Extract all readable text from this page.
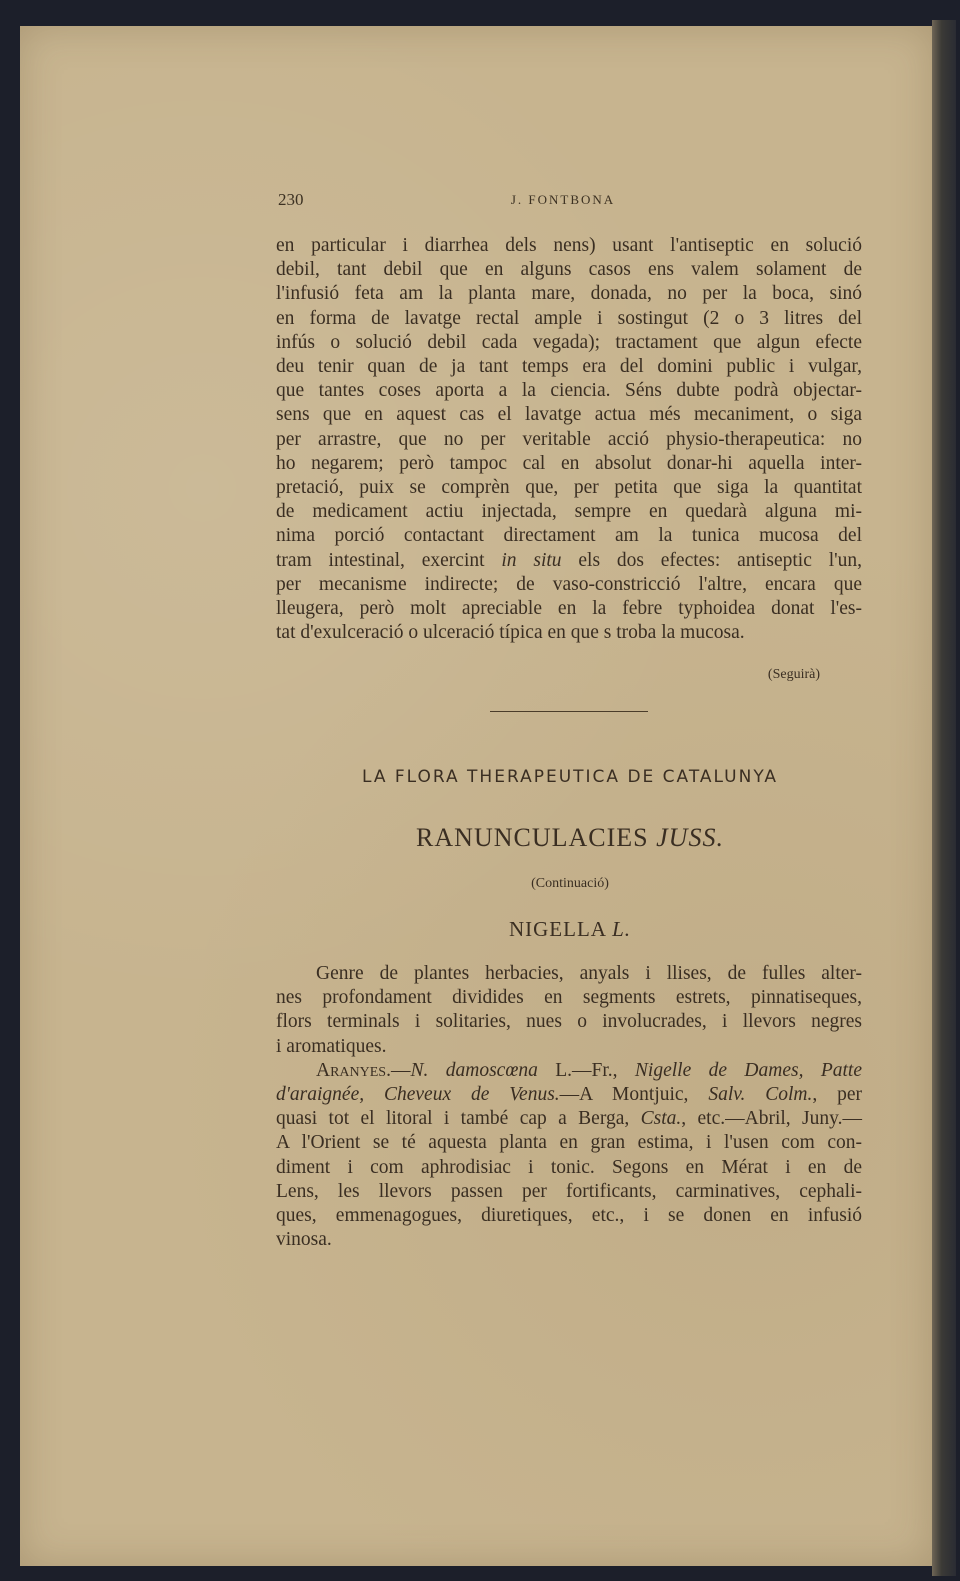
230	J. FONTBONA
en particular i diarrhea dels nens) usant l'antiseptic en solució
debil, tant debil que en alguns casos ens valem solament de
l'infusió feta am la planta mare, donada, no per la boca, sinó
en forma de lavatge rectal ample i sostingut (2 o 3 litres del
infús o solució debil cada vegada); tractament que algun efecte
deu tenir quan de ja tant temps era del domini public i vulgar,
que tantes coses aporta a la ciencia. Séns dubte podrà objectar-
sens que en aquest cas el lavatge actua més mecaniment, o siga
per arrastre, que no per veritable acció physio-therapeutica: no
ho negarem; però tampoc cal en absolut donar-hi aquella inter-
pretació, puix se comprèn que, per petita que siga la quantitat
de medicament actiu injectada, sempre en quedarà alguna mi-
nima porció contactant directament am la tunica mucosa del
tram intestinal, exercint in situ els dos efectes: antiseptic l'un,
per mecanisme indirecte; de vaso-constricció l'altre, encara que
lleugera, però molt apreciable en la febre typhoidea donat l'es-
tat d'exulceració o ulceració típica en que s troba la mucosa.
(Seguirà)
LA FLORA THERAPEUTICA DE CATALUNYA
RANUNCULACIES JUSS.
(Continuació)
NIGELLA L.
Genre de plantes herbacies, anyals i llises, de fulles alter-
nes profondament dividides en segments estrets, pinnatiseques,
flors terminals i solitaries, nues o involucrades, i llevors negres
i aromatiques.
Aranyes.—N. damoscœna L.—Fr., Nigelle de Dames, Patte
d'araignée, Cheveux de Venus.—A Montjuic, Salv. Colm., per
quasi tot el litoral i també cap a Berga, Csta., etc.—Abril, Juny.—
A l'Orient se té aquesta planta en gran estima, i l'usen com con-
diment i com aphrodisiac i tonic. Segons en Mérat i en de
Lens, les llevors passen per fortificants, carminatives, cephali-
ques, emmenagogues, diuretiques, etc., i se donen en infusió
vinosa.
